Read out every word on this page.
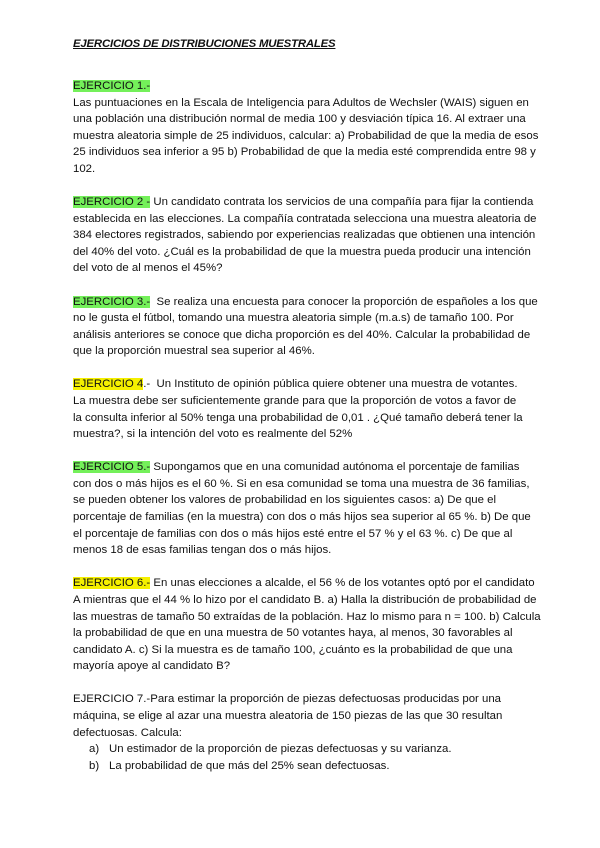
EJERCICIOS DE DISTRIBUCIONES MUESTRALES
EJERCICIO 1.-
Las puntuaciones en la Escala de Inteligencia para Adultos de Wechsler (WAIS) siguen en
una población una distribución normal de media 100 y desviación típica 16. Al extraer una
muestra aleatoria simple de 25 individuos, calcular: a) Probabilidad de que la media de esos
25 individuos sea inferior a 95 b) Probabilidad de que la media esté comprendida entre 98 y
102.
EJERCICIO 2 - Un candidato contrata los servicios de una compañía para fijar la contienda
establecida en las elecciones. La compañía contratada selecciona una muestra aleatoria de
384 electores registrados, sabiendo por experiencias realizadas que obtienen una intención
del 40% del voto. ¿Cuál es la probabilidad de que la muestra pueda producir una intención
del voto de al menos el 45%?
EJERCICIO 3.-  Se realiza una encuesta para conocer la proporción de españoles a los que
no le gusta el fútbol, tomando una muestra aleatoria simple (m.a.s) de tamaño 100. Por
análisis anteriores se conoce que dicha proporción es del 40%. Calcular la probabilidad de
que la proporción muestral sea superior al 46%.
EJERCICIO 4.-  Un Instituto de opinión pública quiere obtener una muestra de votantes.
La muestra debe ser suficientemente grande para que la proporción de votos a favor de
la consulta inferior al 50% tenga una probabilidad de 0,01 . ¿Qué tamaño deberá tener la
muestra?, si la intención del voto es realmente del 52%
EJERCICIO 5.- Supongamos que en una comunidad autónoma el porcentaje de familias
con dos o más hijos es el 60 %. Si en esa comunidad se toma una muestra de 36 familias,
se pueden obtener los valores de probabilidad en los siguientes casos: a) De que el
porcentaje de familias (en la muestra) con dos o más hijos sea superior al 65 %. b) De que
el porcentaje de familias con dos o más hijos esté entre el 57 % y el 63 %. c) De que al
menos 18 de esas familias tengan dos o más hijos.
EJERCICIO 6.- En unas elecciones a alcalde, el 56 % de los votantes optó por el candidato
A mientras que el 44 % lo hizo por el candidato B. a) Halla la distribución de probabilidad de
las muestras de tamaño 50 extraídas de la población. Haz lo mismo para n = 100. b) Calcula
la probabilidad de que en una muestra de 50 votantes haya, al menos, 30 favorables al
candidato A. c) Si la muestra es de tamaño 100, ¿cuánto es la probabilidad de que una
mayoría apoye al candidato B?
EJERCICIO 7.-Para estimar la proporción de piezas defectuosas producidas por una
máquina, se elige al azar una muestra aleatoria de 150 piezas de las que 30 resultan
defectuosas. Calcula:
a) Un estimador de la proporción de piezas defectuosas y su varianza.
b) La probabilidad de que más del 25% sean defectuosas.
